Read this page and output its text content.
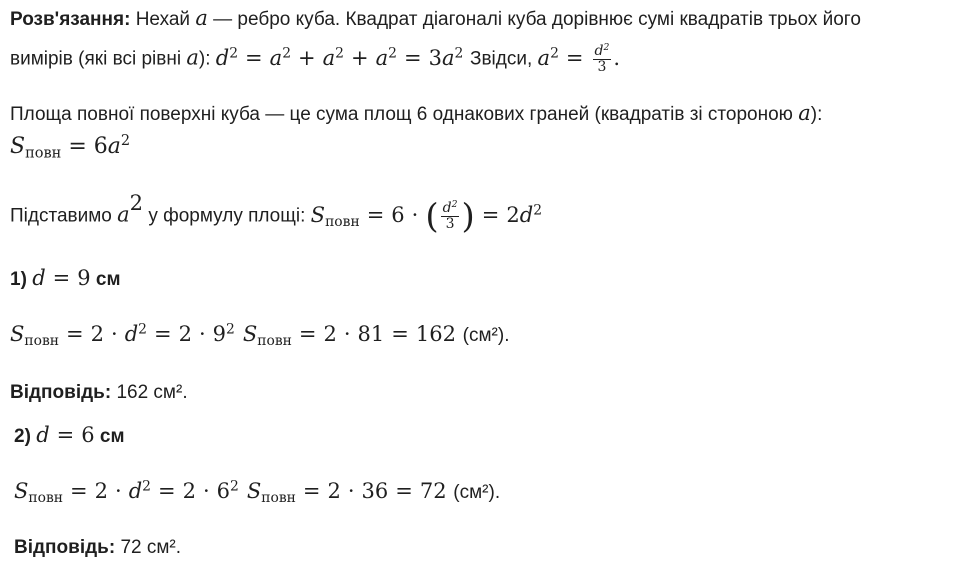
Розв'язання: Нехай a — ребро куба. Квадрат діагоналі куба дорівнює сумі квадратів трьох його
вимірів (які всі рівні a): $d^2 = a^2 + a^2 + a^2 = 3a^2$ Звідси, $a^2 = \frac{d^2}{3}$ .
Площа повної поверхні куба — це сума площ 6 однакових граней (квадратів зі стороною a):
$S_{повн} = 6a^2$
Підставимо $a^2$ у формулу площі: $S_{повн} = 6$ · ( $\frac{d^2}{3}$ ) = $2d^2$
1) d = 9 см
$S_{повн} = 2 \cdot d^2 = 2 \cdot 9^2$ $S_{повн} = 2 \cdot 81 = 162$ (см²).
Відповідь: 162 см².
2) d = 6 см
$S_{повн} = 2 \cdot d^2 = 2 \cdot 6^2$ $S_{повн} = 2 \cdot 36 = 72$ (см²).
Відповідь: 72 см².
